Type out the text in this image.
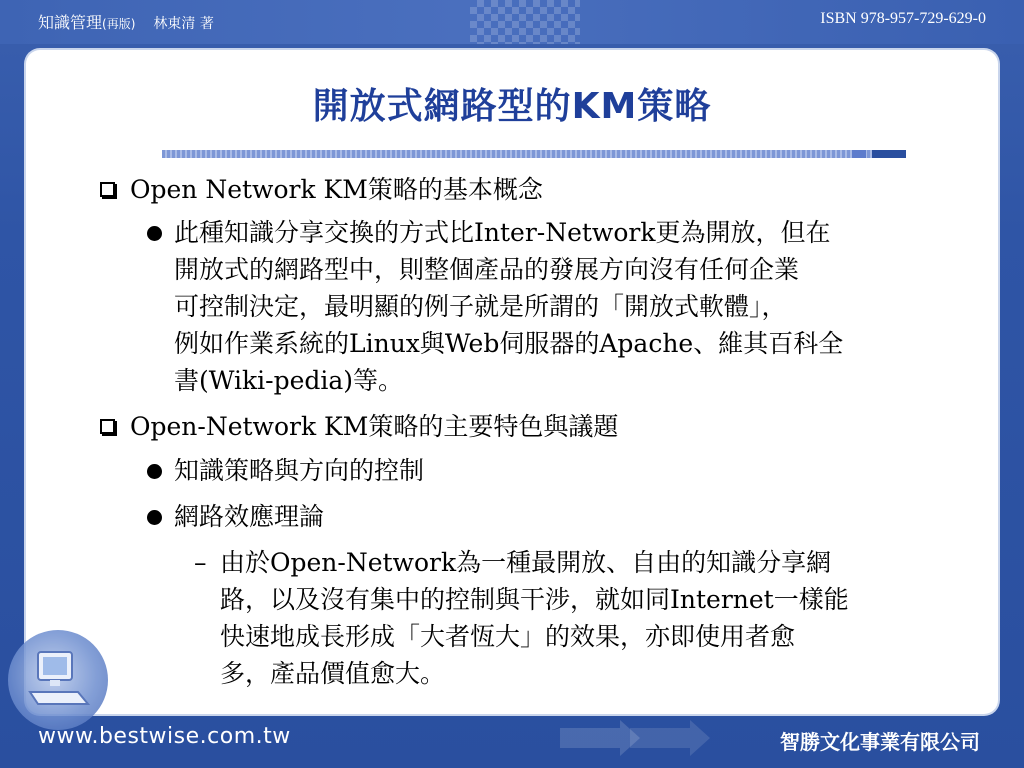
知識管理(再版) 林東清 著	ISBN 978-957-729-629-0
開放式網路型的KM策略
Open Network KM策略的基本概念
此種知識分享交換的方式比Inter-Network更為開放，但在
開放式的網路型中，則整個產品的發展方向沒有任何企業
可控制決定，最明顯的例子就是所謂的「開放式軟體」，
例如作業系統的Linux與Web伺服器的Apache、維其百科全
書(Wiki-pedia)等。
Open-Network KM策略的主要特色與議題
知識策略與方向的控制
網路效應理論
– 由於Open-Network為一種最開放、自由的知識分享網
路，以及沒有集中的控制與干涉，就如同Internet一樣能
快速地成長形成「大者恆大」的效果，亦即使用者愈
多，產品價值愈大。
www.bestwise.com.tw	智勝文化事業有限公司
